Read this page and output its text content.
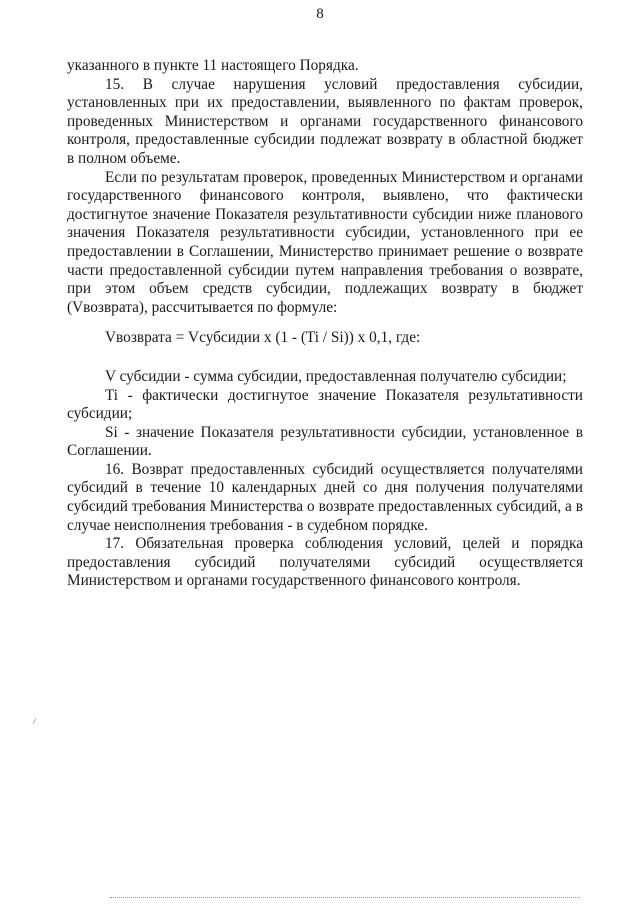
8

указанного в пункте 11 настоящего Порядка.

15. В случае нарушения условий предоставления субсидии, установленных при их предоставлении, выявленного по фактам проверок, проведенных Министерством и органами государственного финансового контроля, предоставленные субсидии подлежат возврату в областной бюджет в полном объеме.

Если по результатам проверок, проведенных Министерством и органами государственного финансового контроля, выявлено, что фактически достигнутое значение Показателя результативности субсидии ниже планового значения Показателя результативности субсидии, установленного при ее предоставлении в Соглашении, Министерство принимает решение о возврате части предоставленной субсидии путем направления требования о возврате, при этом объем средств субсидии, подлежащих возврату в бюджет (Vвозврата), рассчитывается по формуле:

Vвозврата = Vсубсидии x (1 - (Ti / Si)) x 0,1, где:

V субсидии - сумма субсидии, предоставленная получателю субсидии;

Ti - фактически достигнутое значение Показателя результативности субсидии;

Si - значение Показателя результативности субсидии, установленное в Соглашении.

16. Возврат предоставленных субсидий осуществляется получателями субсидий в течение 10 календарных дней со дня получения получателями субсидий требования Министерства о возврате предоставленных субсидий, а в случае неисполнения требования - в судебном порядке.

17. Обязательная проверка соблюдения условий, целей и порядка предоставления субсидий получателями субсидий осуществляется Министерством и органами государственного финансового контроля.
